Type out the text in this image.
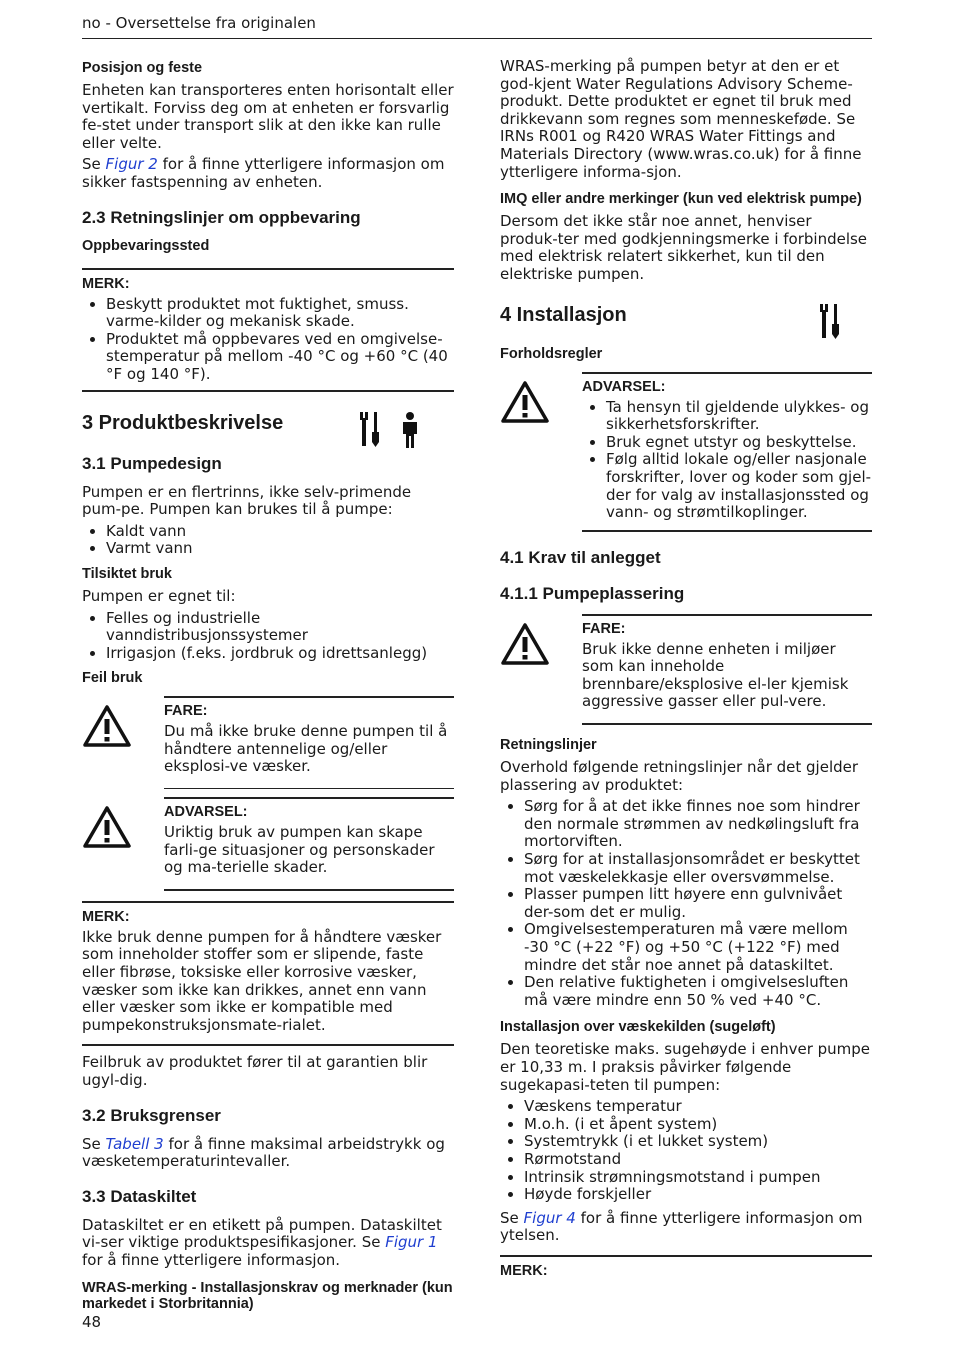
no - Oversettelse fra originalen
Posisjon og feste

Enheten kan transporteres enten horisontalt eller vertikalt. Forviss deg om at enheten er forsvarlig fe-stet under transport slik at den ikke kan rulle eller velte.

Se Figur 2 for å finne ytterligere informasjon om sikker fastspenning av enheten.

2.3 Retningslinjer om oppbevaring
Oppbevaringssted
MERK:
• Beskytt produktet mot fuktighet, smuss. varme-kilder og mekanisk skade.
• Produktet må oppbevares ved en omgivelse-stemperatur på mellom -40 °C og +60 °C (40 °F og 140 °F).
3 Produktbeskrivelse
3.1 Pumpedesign

Pumpen er en flertrinns, ikke selv-primende pum-pe. Pumpen kan brukes til å pumpe:

• Kaldt vann
• Varmt vann
Tilsiktet bruk

Pumpen er egnet til:

• Felles og industrielle vanndistribusjonssystemer
• Irrigasjon (f.eks. jordbruk og idrettsanlegg)
Feil bruk
FARE:

Du må ikke bruke denne pumpen til å håndtere antennelige og/eller eksplosi-ve væsker.

ADVARSEL:

Uriktig bruk av pumpen kan skape farli-ge situasjoner og personskader og ma-terielle skader.

MERK:

Ikke bruk denne pumpen for å håndtere væsker som inneholder stoffer som er slipende, faste eller fibrøse, toksiske eller korrosive væsker, væsker som ikke kan drikkes, annet enn vann eller væsker som ikke er kompatible med pumpekonstruksjonsmate-rialet.

Feilbruk av produktet fører til at garantien blir ugyl-dig.

3.2 Bruksgrenser

Se Tabell 3 for å finne maksimal arbeidstrykk og væsketemperaturintevaller.

3.3 Dataskiltet

Dataskiltet er en etikett på pumpen. Dataskiltet vi-ser viktige produktspesifikasjoner. Se Figur 1 for å finne ytterligere informasjon.

WRAS-merking - Installasjonskrav og merknader (kun markedet i Storbritannia)

WRAS-merking på pumpen betyr at den er et god-kjent Water Regulations Advisory Scheme-produkt. Dette produktet er egnet til bruk med drikkevann som regnes som menneskeføde. Se IRNs R001 og R420 WRAS Water Fittings and Materials Directory (www.wras.co.uk) for å finne ytterligere informa-sjon.

IMQ eller andre merkinger (kun ved elektrisk pumpe)

Dersom det ikke står noe annet, henviser produk-ter med godkjenningsmerke i forbindelse med elektrisk relatert sikkerhet, kun til den elektriske pumpen.

4 Installasjon
Forholdsregler
ADVARSEL:
• Ta hensyn til gjeldende ulykkes- og sikkerhetsforskrifter.
• Bruk egnet utstyr og beskyttelse.
• Følg alltid lokale og/eller nasjonale forskrifter, lover og koder som gjel-der for valg av installasjonssted og vann- og strømtilkoplinger.
4.1 Krav til anlegget
4.1.1 Pumpeplassering
FARE:

Bruk ikke denne enheten i miljøer som kan inneholde brennbare/eksplosive el-ler kjemisk aggressive gasser eller pul-vere.

Retningslinjer

Overhold følgende retningslinjer når det gjelder plassering av produktet:

• Sørg for å at det ikke finnes noe som hindrer den normale strømmen av nedkølingsluft fra mortorviften.
• Sørg for at installasjonsområdet er beskyttet mot væskelekkasje eller oversvømmelse.
• Plasser pumpen litt høyere enn gulvnivået der-som det er mulig.
• Omgivelsestemperaturen må være mellom -30 °C (+22 °F) og +50 °C (+122 °F) med mindre det står noe annet på dataskiltet.
• Den relative fuktigheten i omgivelsesluften må være mindre enn 50 % ved +40 °C.
Installasjon over væskekilden (sugeløft)

Den teoretiske maks. sugehøyde i enhver pumpe er 10,33 m. I praksis påvirker følgende sugekapasi-teten til pumpen:

• Væskens temperatur
• M.o.h. (i et åpent system)
• Systemtrykk (i et lukket system)
• Rørmotstand
• Intrinsik strømningsmotstand i pumpen
• Høyde forskjeller

Se Figur 4 for å finne ytterligere informasjon om ytelsen.

MERK:
48
